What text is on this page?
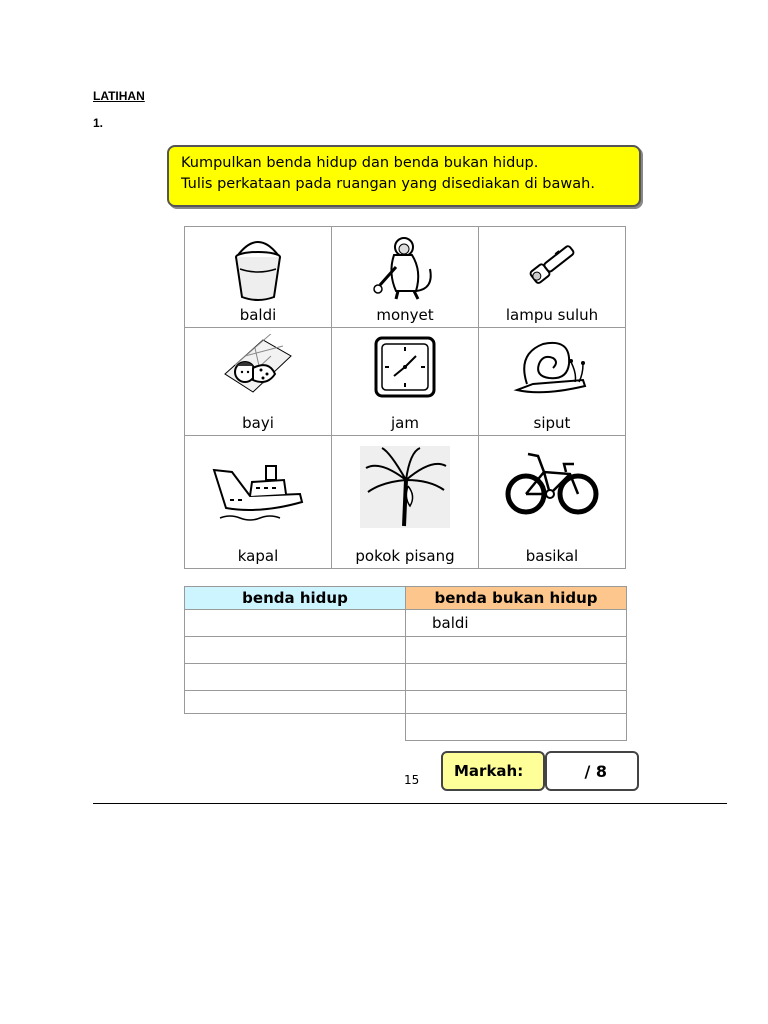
LATIHAN
1.
Kumpulkan benda hidup dan benda bukan hidup.
Tulis perkataan pada ruangan yang disediakan di bawah.
baldi	monyet	lampu suluh

bayi	jam	siput

kapal	pokok pisang	basikal
benda hidup	benda bukan hidup
	baldi

15 Markah:	/ 8
